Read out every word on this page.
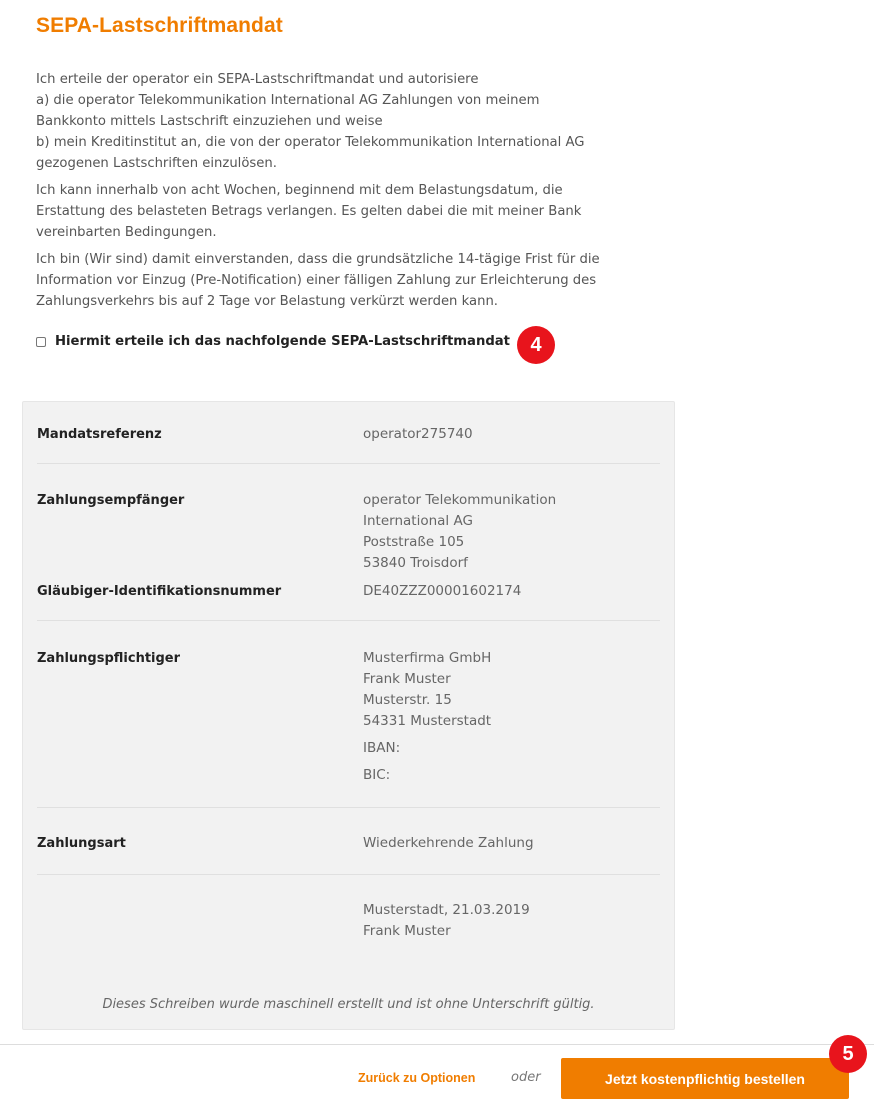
SEPA-Lastschriftmandat

Ich erteile der operator ein SEPA-Lastschriftmandat und autorisiere
a) die operator Telekommunikation International AG Zahlungen von meinem
Bankkonto mittels Lastschrift einzuziehen und weise
b) mein Kreditinstitut an, die von der operator Telekommunikation International AG
gezogenen Lastschriften einzulösen.

Ich kann innerhalb von acht Wochen, beginnend mit dem Belastungsdatum, die
Erstattung des belasteten Betrags verlangen. Es gelten dabei die mit meiner Bank
vereinbarten Bedingungen.

Ich bin (Wir sind) damit einverstanden, dass die grundsätzliche 14-tägige Frist für die
Information vor Einzug (Pre-Notification) einer fälligen Zahlung zur Erleichterung des
Zahlungsverkehrs bis auf 2 Tage vor Belastung verkürzt werden kann.

Hiermit erteile ich das nachfolgende SEPA-Lastschriftmandat	4
Mandatsreferenz	operator275740
Zahlungsempfänger	operator Telekommunikation
International AG
Poststraße 105
53840 Troisdorf
Gläubiger-Identifikationsnummer	DE40ZZZ00001602174
Zahlungspflichtiger	Musterfirma GmbH
Frank Muster
Musterstr. 15
54331 Musterstadt
IBAN:
BIC:
Zahlungsart	Wiederkehrende Zahlung
Musterstadt, 21.03.2019
Frank Muster
Dieses Schreiben wurde maschinell erstellt und ist ohne Unterschrift gültig.
Zurück zu Optionen	oder	Jetzt kostenpflichtig bestellen
5
